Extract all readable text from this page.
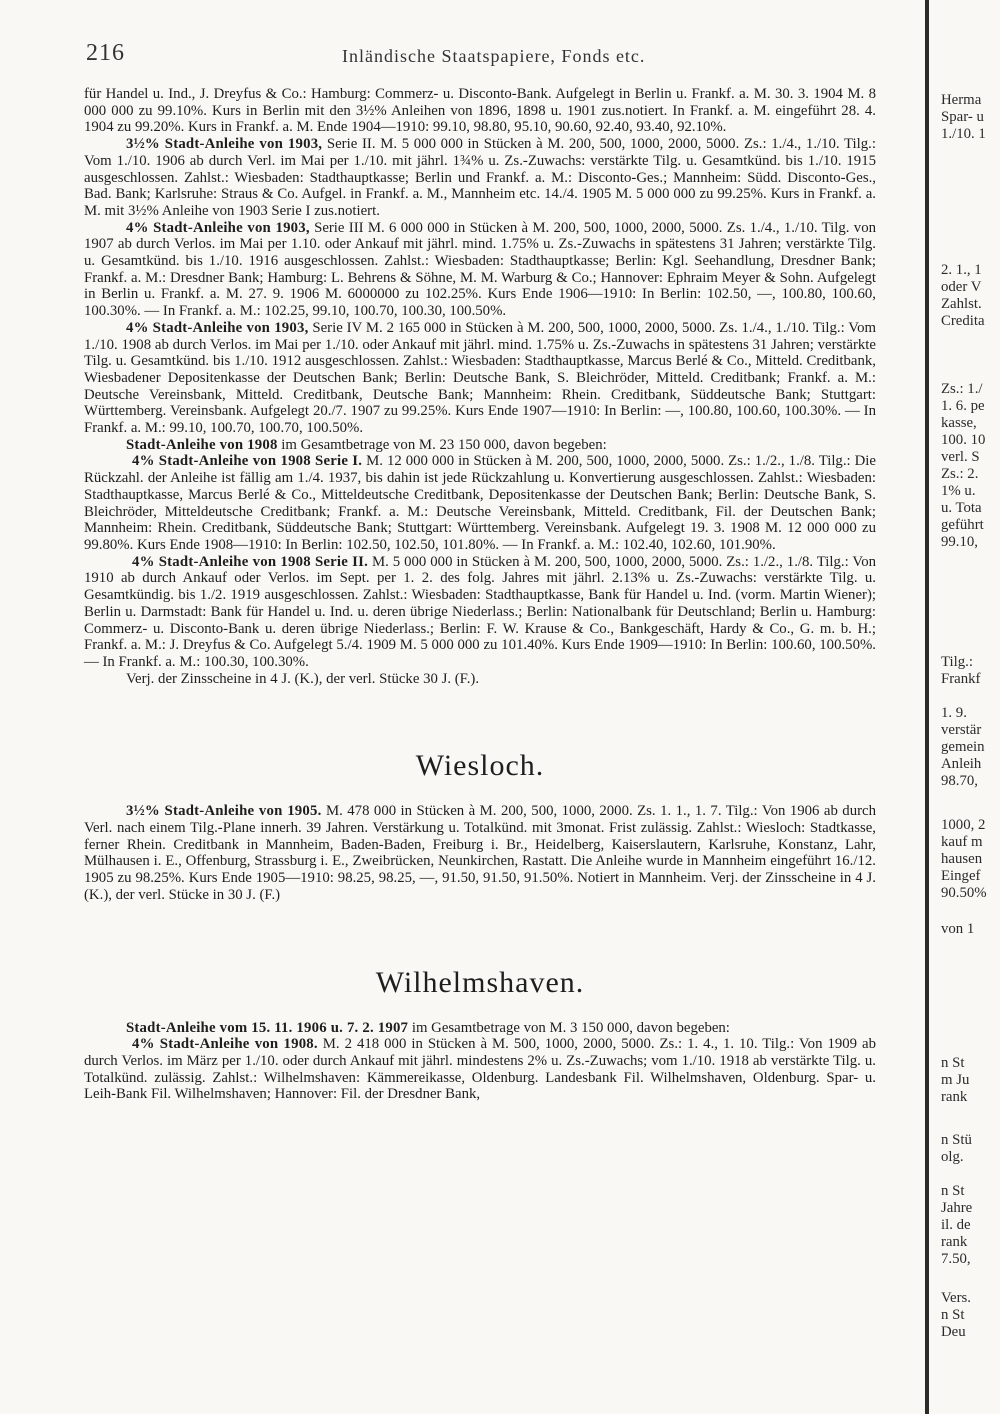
216	Inländische Staatspapiere, Fonds etc.

für Handel u. Ind., J. Dreyfus & Co.: Hamburg: Commerz- u. Disconto-Bank. Aufgelegt in Berlin u. Frankf. a. M. 30. 3. 1904 M. 8 000 000 zu 99.10%. Kurs in Berlin mit den 3½% Anleihen von 1896, 1898 u. 1901 zus.notiert. In Frankf. a. M. eingeführt 28. 4. 1904 zu 99.20%. Kurs in Frankf. a. M. Ende 1904—1910: 99.10, 98.80, 95.10, 90.60, 92.40, 93.40, 92.10%.

3½% Stadt-Anleihe von 1903, Serie II. M. 5 000 000 in Stücken à M. 200, 500, 1000, 2000, 5000. Zs.: 1./4., 1./10. Tilg.: Vom 1./10. 1906 ab durch Verl. im Mai per 1./10. mit jährl. 1¾% u. Zs.-Zuwachs: verstärkte Tilg. u. Gesamtkünd. bis 1./10. 1915 ausgeschlossen. Zahlst.: Wiesbaden: Stadthauptkasse; Berlin und Frankf. a. M.: Disconto-Ges.; Mannheim: Südd. Disconto-Ges., Bad. Bank; Karlsruhe: Straus & Co. Aufgel. in Frankf. a. M., Mannheim etc. 14./4. 1905 M. 5 000 000 zu 99.25%. Kurs in Frankf. a. M. mit 3½% Anleihe von 1903 Serie I zus.notiert.

4% Stadt-Anleihe von 1903, Serie III M. 6 000 000 in Stücken à M. 200, 500, 1000, 2000, 5000. Zs. 1./4., 1./10. Tilg. von 1907 ab durch Verlos. im Mai per 1.10. oder Ankauf mit jährl. mind. 1.75% u. Zs.-Zuwachs in spätestens 31 Jahren; verstärkte Tilg. u. Gesamtkünd. bis 1./10. 1916 ausgeschlossen. Zahlst.: Wiesbaden: Stadthauptkasse; Berlin: Kgl. Seehandlung, Dresdner Bank; Frankf. a. M.: Dresdner Bank; Hamburg: L. Behrens & Söhne, M. M. Warburg & Co.; Hannover: Ephraim Meyer & Sohn. Aufgelegt in Berlin u. Frankf. a. M. 27. 9. 1906 M. 6000000 zu 102.25%. Kurs Ende 1906—1910: In Berlin: 102.50, —, 100.80, 100.60, 100.30%. — In Frankf. a. M.: 102.25, 99.10, 100.70, 100.30, 100.50%.

4% Stadt-Anleihe von 1903, Serie IV M. 2 165 000 in Stücken à M. 200, 500, 1000, 2000, 5000. Zs. 1./4., 1./10. Tilg.: Vom 1./10. 1908 ab durch Verlos. im Mai per 1./10. oder Ankauf mit jährl. mind. 1.75% u. Zs.-Zuwachs in spätestens 31 Jahren; verstärkte Tilg. u. Gesamtkünd. bis 1./10. 1912 ausgeschlossen. Zahlst.: Wiesbaden: Stadthauptkasse, Marcus Berlé & Co., Mitteld. Creditbank, Wiesbadener Depositenkasse der Deutschen Bank; Berlin: Deutsche Bank, S. Bleichröder, Mitteld. Creditbank; Frankf. a. M.: Deutsche Vereinsbank, Mitteld. Creditbank, Deutsche Bank; Mannheim: Rhein. Creditbank, Süddeutsche Bank; Stuttgart: Württemberg. Vereinsbank. Aufgelegt 20./7. 1907 zu 99.25%. Kurs Ende 1907—1910: In Berlin: —, 100.80, 100.60, 100.30%. — In Frankf. a. M.: 99.10, 100.70, 100.70, 100.50%.

Stadt-Anleihe von 1908 im Gesamtbetrage von M. 23 150 000, davon begeben:

4% Stadt-Anleihe von 1908 Serie I. M. 12 000 000 in Stücken à M. 200, 500, 1000, 2000, 5000. Zs.: 1./2., 1./8. Tilg.: Die Rückzahl. der Anleihe ist fällig am 1./4. 1937, bis dahin ist jede Rückzahlung u. Konvertierung ausgeschlossen. Zahlst.: Wiesbaden: Stadthauptkasse, Marcus Berlé & Co., Mitteldeutsche Creditbank, Depositenkasse der Deutschen Bank; Berlin: Deutsche Bank, S. Bleichröder, Mitteldeutsche Creditbank; Frankf. a. M.: Deutsche Vereinsbank, Mitteld. Creditbank, Fil. der Deutschen Bank; Mannheim: Rhein. Creditbank, Süddeutsche Bank; Stuttgart: Württemberg. Vereinsbank. Aufgelegt 19. 3. 1908 M. 12 000 000 zu 99.80%. Kurs Ende 1908—1910: In Berlin: 102.50, 102.50, 101.80%. — In Frankf. a. M.: 102.40, 102.60, 101.90%.

4% Stadt-Anleihe von 1908 Serie II. M. 5 000 000 in Stücken à M. 200, 500, 1000, 2000, 5000. Zs.: 1./2., 1./8. Tilg.: Von 1910 ab durch Ankauf oder Verlos. im Sept. per 1. 2. des folg. Jahres mit jährl. 2.13% u. Zs.-Zuwachs: verstärkte Tilg. u. Gesamtkündig. bis 1./2. 1919 ausgeschlossen. Zahlst.: Wiesbaden: Stadthauptkasse, Bank für Handel u. Ind. (vorm. Martin Wiener); Berlin u. Darmstadt: Bank für Handel u. Ind. u. deren übrige Niederlass.; Berlin: Nationalbank für Deutschland; Berlin u. Hamburg: Commerz- u. Disconto-Bank u. deren übrige Niederlass.; Berlin: F. W. Krause & Co., Bankgeschäft, Hardy & Co., G. m. b. H.; Frankf. a. M.: J. Dreyfus & Co. Aufgelegt 5./4. 1909 M. 5 000 000 zu 101.40%. Kurs Ende 1909—1910: In Berlin: 100.60, 100.50%. — In Frankf. a. M.: 100.30, 100.30%.

Verj. der Zinsscheine in 4 J. (K.), der verl. Stücke 30 J. (F.).

Wiesloch.

3½% Stadt-Anleihe von 1905. M. 478 000 in Stücken à M. 200, 500, 1000, 2000. Zs. 1. 1., 1. 7. Tilg.: Von 1906 ab durch Verl. nach einem Tilg.-Plane innerh. 39 Jahren. Verstärkung u. Totalkünd. mit 3monat. Frist zulässig. Zahlst.: Wiesloch: Stadtkasse, ferner Rhein. Creditbank in Mannheim, Baden-Baden, Freiburg i. Br., Heidelberg, Kaiserslautern, Karlsruhe, Konstanz, Lahr, Mülhausen i. E., Offenburg, Strassburg i. E., Zweibrücken, Neunkirchen, Rastatt. Die Anleihe wurde in Mannheim eingeführt 16./12. 1905 zu 98.25%. Kurs Ende 1905—1910: 98.25, 98.25, —, 91.50, 91.50, 91.50%. Notiert in Mannheim. Verj. der Zinsscheine in 4 J. (K.), der verl. Stücke in 30 J. (F.)

Wilhelmshaven.

Stadt-Anleihe vom 15. 11. 1906 u. 7. 2. 1907 im Gesamtbetrage von M. 3 150 000, davon begeben:

4% Stadt-Anleihe von 1908. M. 2 418 000 in Stücken à M. 500, 1000, 2000, 5000. Zs.: 1. 4., 1. 10. Tilg.: Von 1909 ab durch Verlos. im März per 1./10. oder durch Ankauf mit jährl. mindestens 2% u. Zs.-Zuwachs; vom 1./10. 1918 ab verstärkte Tilg. u. Totalkünd. zulässig. Zahlst.: Wilhelmshaven: Kämmereikasse, Oldenburg. Landesbank Fil. Wilhelmshaven, Oldenburg. Spar- u. Leih-Bank Fil. Wilhelmshaven; Hannover: Fil. der Dresdner Bank,

Herma
Spar- u
1./10. 1
2. 1., 1
oder V
Zahlst.
Credita
Zs.: 1./
1. 6. pe
kasse,
100. 10
verl. S
Zs.: 2.
1% u.
u. Tota
geführt
99.10,
Tilg.:
Frankf
1. 9.
verstär
gemein
Anleih
98.70,
1000, 2
kauf m
hausen
Eingef
90.50%
von 1
n St
m Ju
rank
n Stü
olg.
n St
Jahre
il. de
rank
7.50,
Vers.
n St
Deu
